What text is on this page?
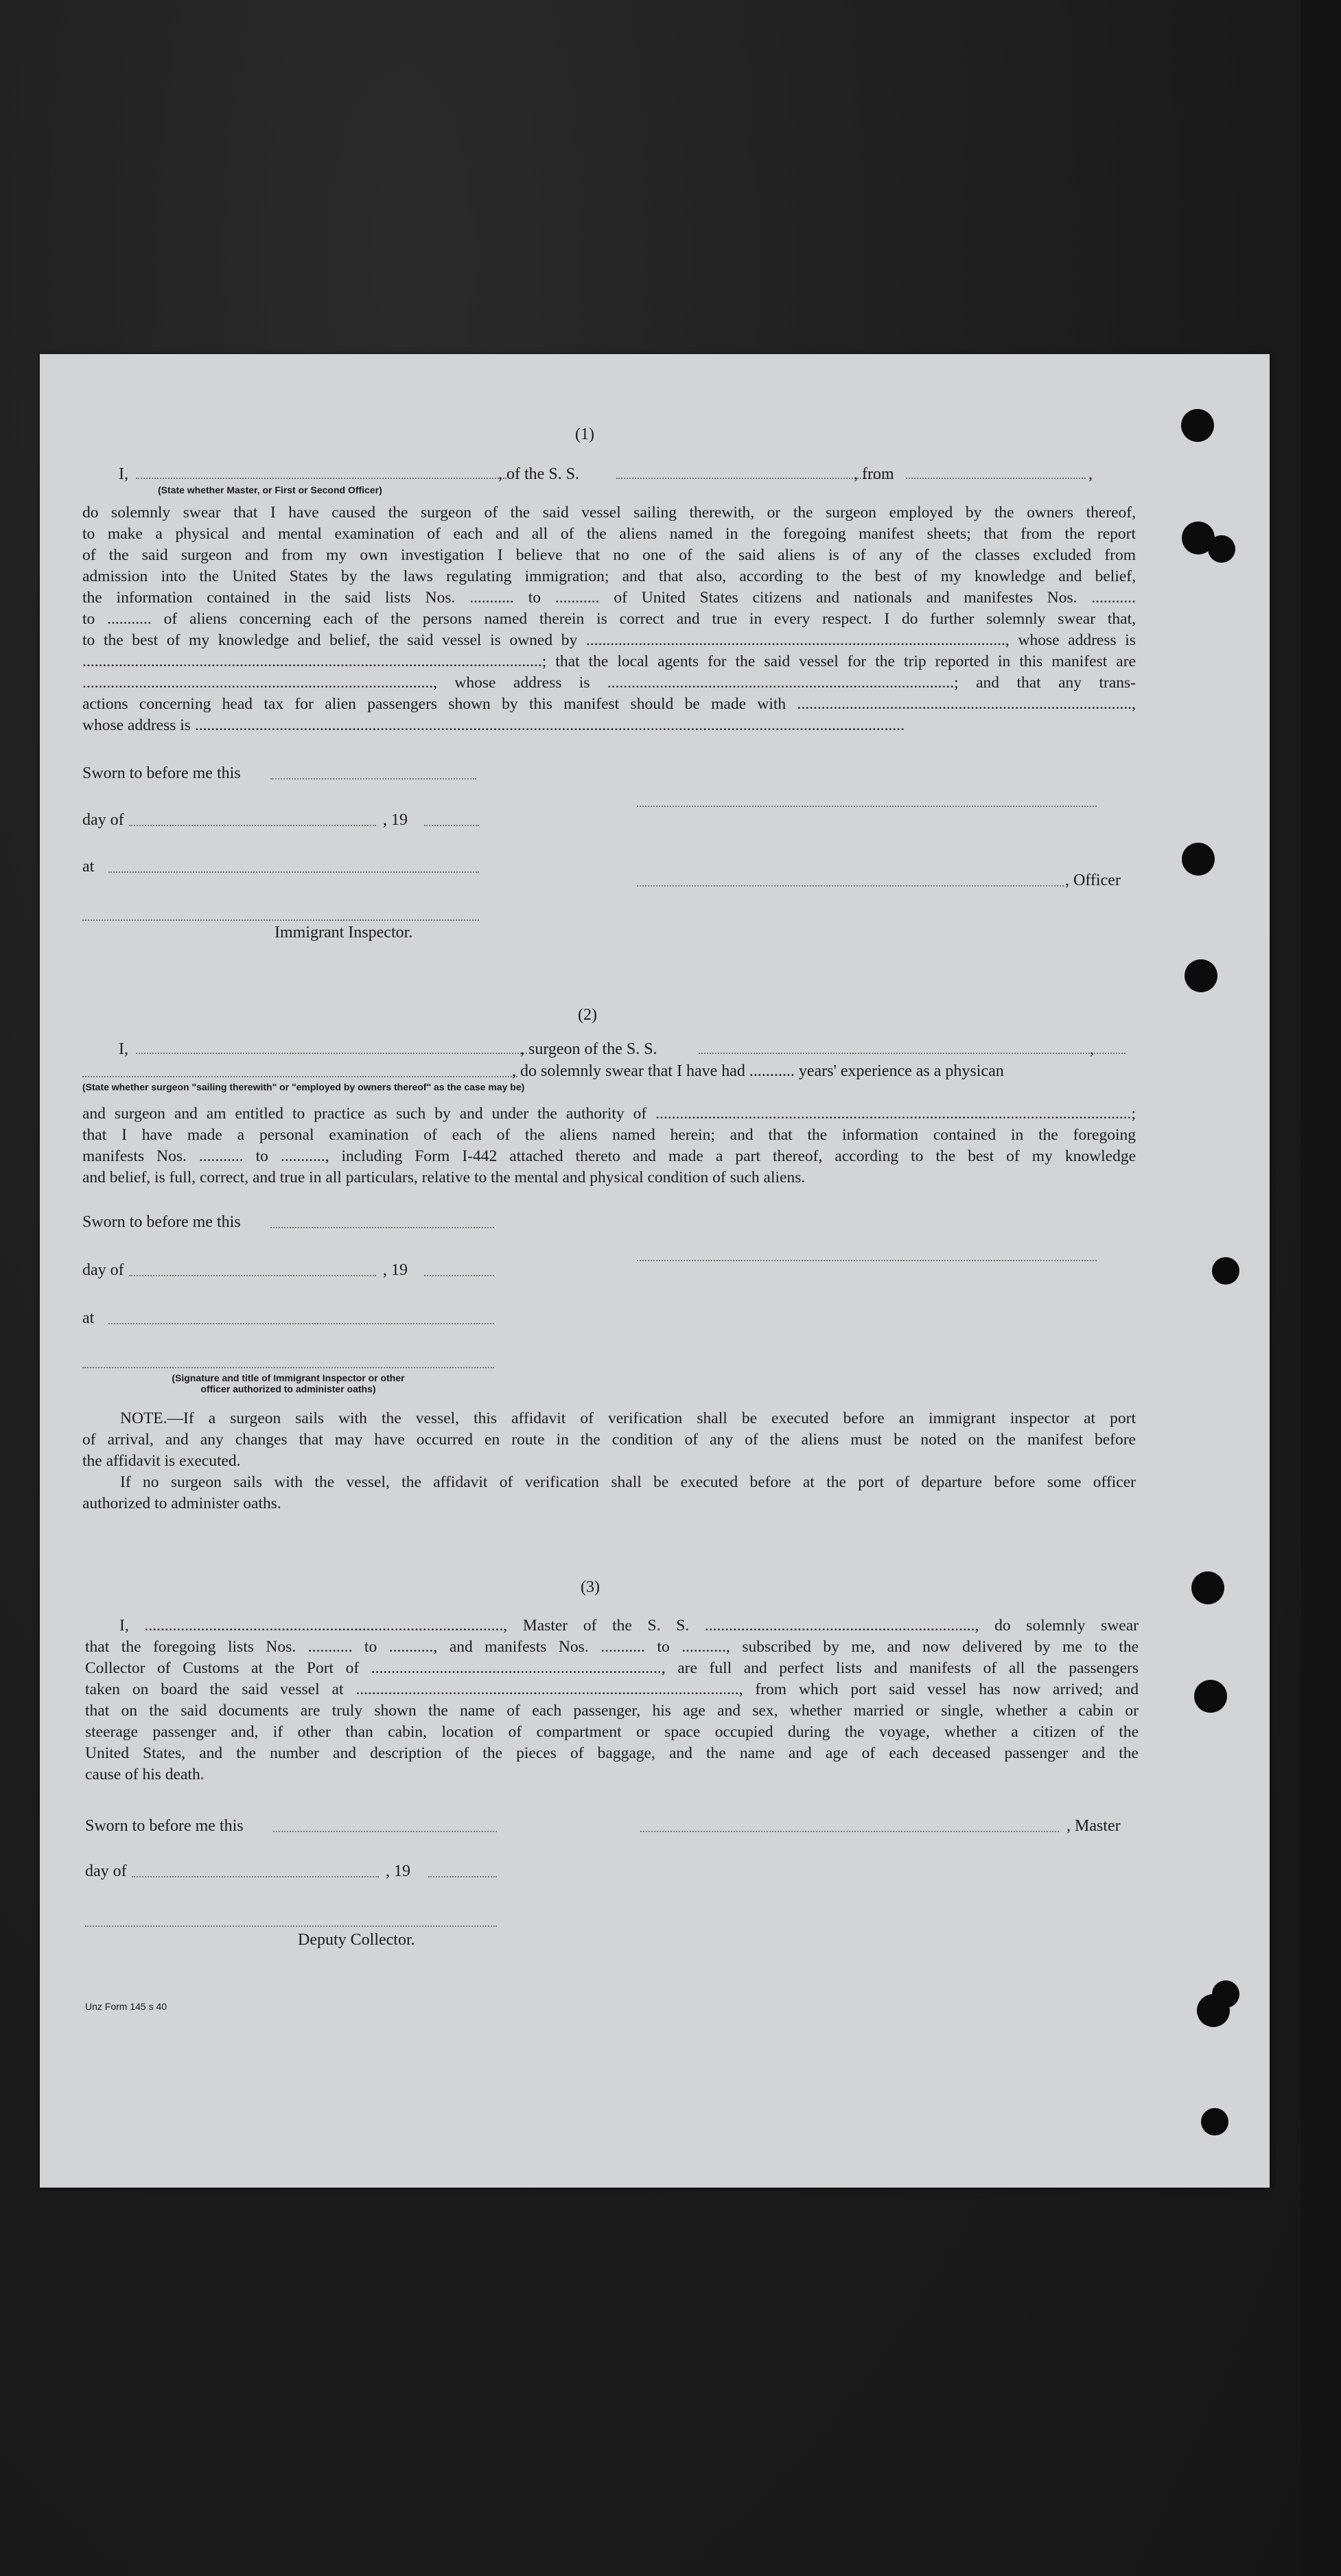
(1)
I,	, of the S. S.	, from	,
(State whether Master, or First or Second Officer)
do solemnly swear that I have caused the surgeon of the said vessel sailing therewith, or the surgeon employed by the owners thereof,
to make a physical and mental examination of each and all of the aliens named in the foregoing manifest sheets; that from the report
of the said surgeon and from my own investigation I believe that no one of the said aliens is of any of the classes excluded from
admission into the United States by the laws regulating immigration; and that also, according to the best of my knowledge and belief,
the information contained in the said lists Nos. ........... to ........... of United States citizens and nationals and manifestes Nos. ...........
to ........... of aliens concerning each of the persons named therein is correct and true in every respect. I do further solemnly swear that,
to the best of my knowledge and belief, the said vessel is owned by ........................................................................................................, whose address is
..................................................................................................................; that the local agents for the said vessel for the trip reported in this manifest are
......................................................................................., whose address is ......................................................................................; and that any trans-
actions concerning head tax for alien passengers shown by this manifest should be made with ...................................................................................,
whose address is ................................................................................................................................................................................
Sworn to before me this
day of	, 19
at
, Officer
Immigrant Inspector.
(2)
I,	, surgeon of the S. S.	,
, do solemnly swear that I have had ........... years' experience as a physican
(State whether surgeon "sailing therewith" or "employed by owners thereof" as the case may be)
and surgeon and am entitled to practice as such by and under the authority of ......................................................................................................................;
that I have made a personal examination of each of the aliens named herein; and that the information contained in the foregoing
manifests Nos. ........... to ..........., including Form I-442 attached thereto and made a part thereof, according to the best of my knowledge
and belief, is full, correct, and true in all particulars, relative to the mental and physical condition of such aliens.
Sworn to before me this
day of	, 19
at
(Signature and title of Immigrant Inspector or other
officer authorized to administer oaths)
NOTE.—If a surgeon sails with the vessel, this affidavit of verification shall be executed before an immigrant inspector at port
of arrival, and any changes that may have occurred en route in the condition of any of the aliens must be noted on the manifest before
the affidavit is executed.
If no surgeon sails with the vessel, the affidavit of verification shall be executed before at the port of departure before some officer
authorized to administer oaths.
(3)
I, ........................................................................................., Master of the S. S. ..................................................................., do solemnly swear
that the foregoing lists Nos. ........... to ..........., and manifests Nos. ........... to ..........., subscribed by me, and now delivered by me to the
Collector of Customs at the Port of ........................................................................, are full and perfect lists and manifests of all the passengers
taken on board the said vessel at ..............................................................................................., from which port said vessel has now arrived; and
that on the said documents are truly shown the name of each passenger, his age and sex, whether married or single, whether a cabin or
steerage passenger and, if other than cabin, location of compartment or space occupied during the voyage, whether a citizen of the
United States, and the number and description of the pieces of baggage, and the name and age of each deceased passenger and the
cause of his death.
Sworn to before me this	, Master
day of	, 19
Deputy Collector.
Unz Form 145 s 40
